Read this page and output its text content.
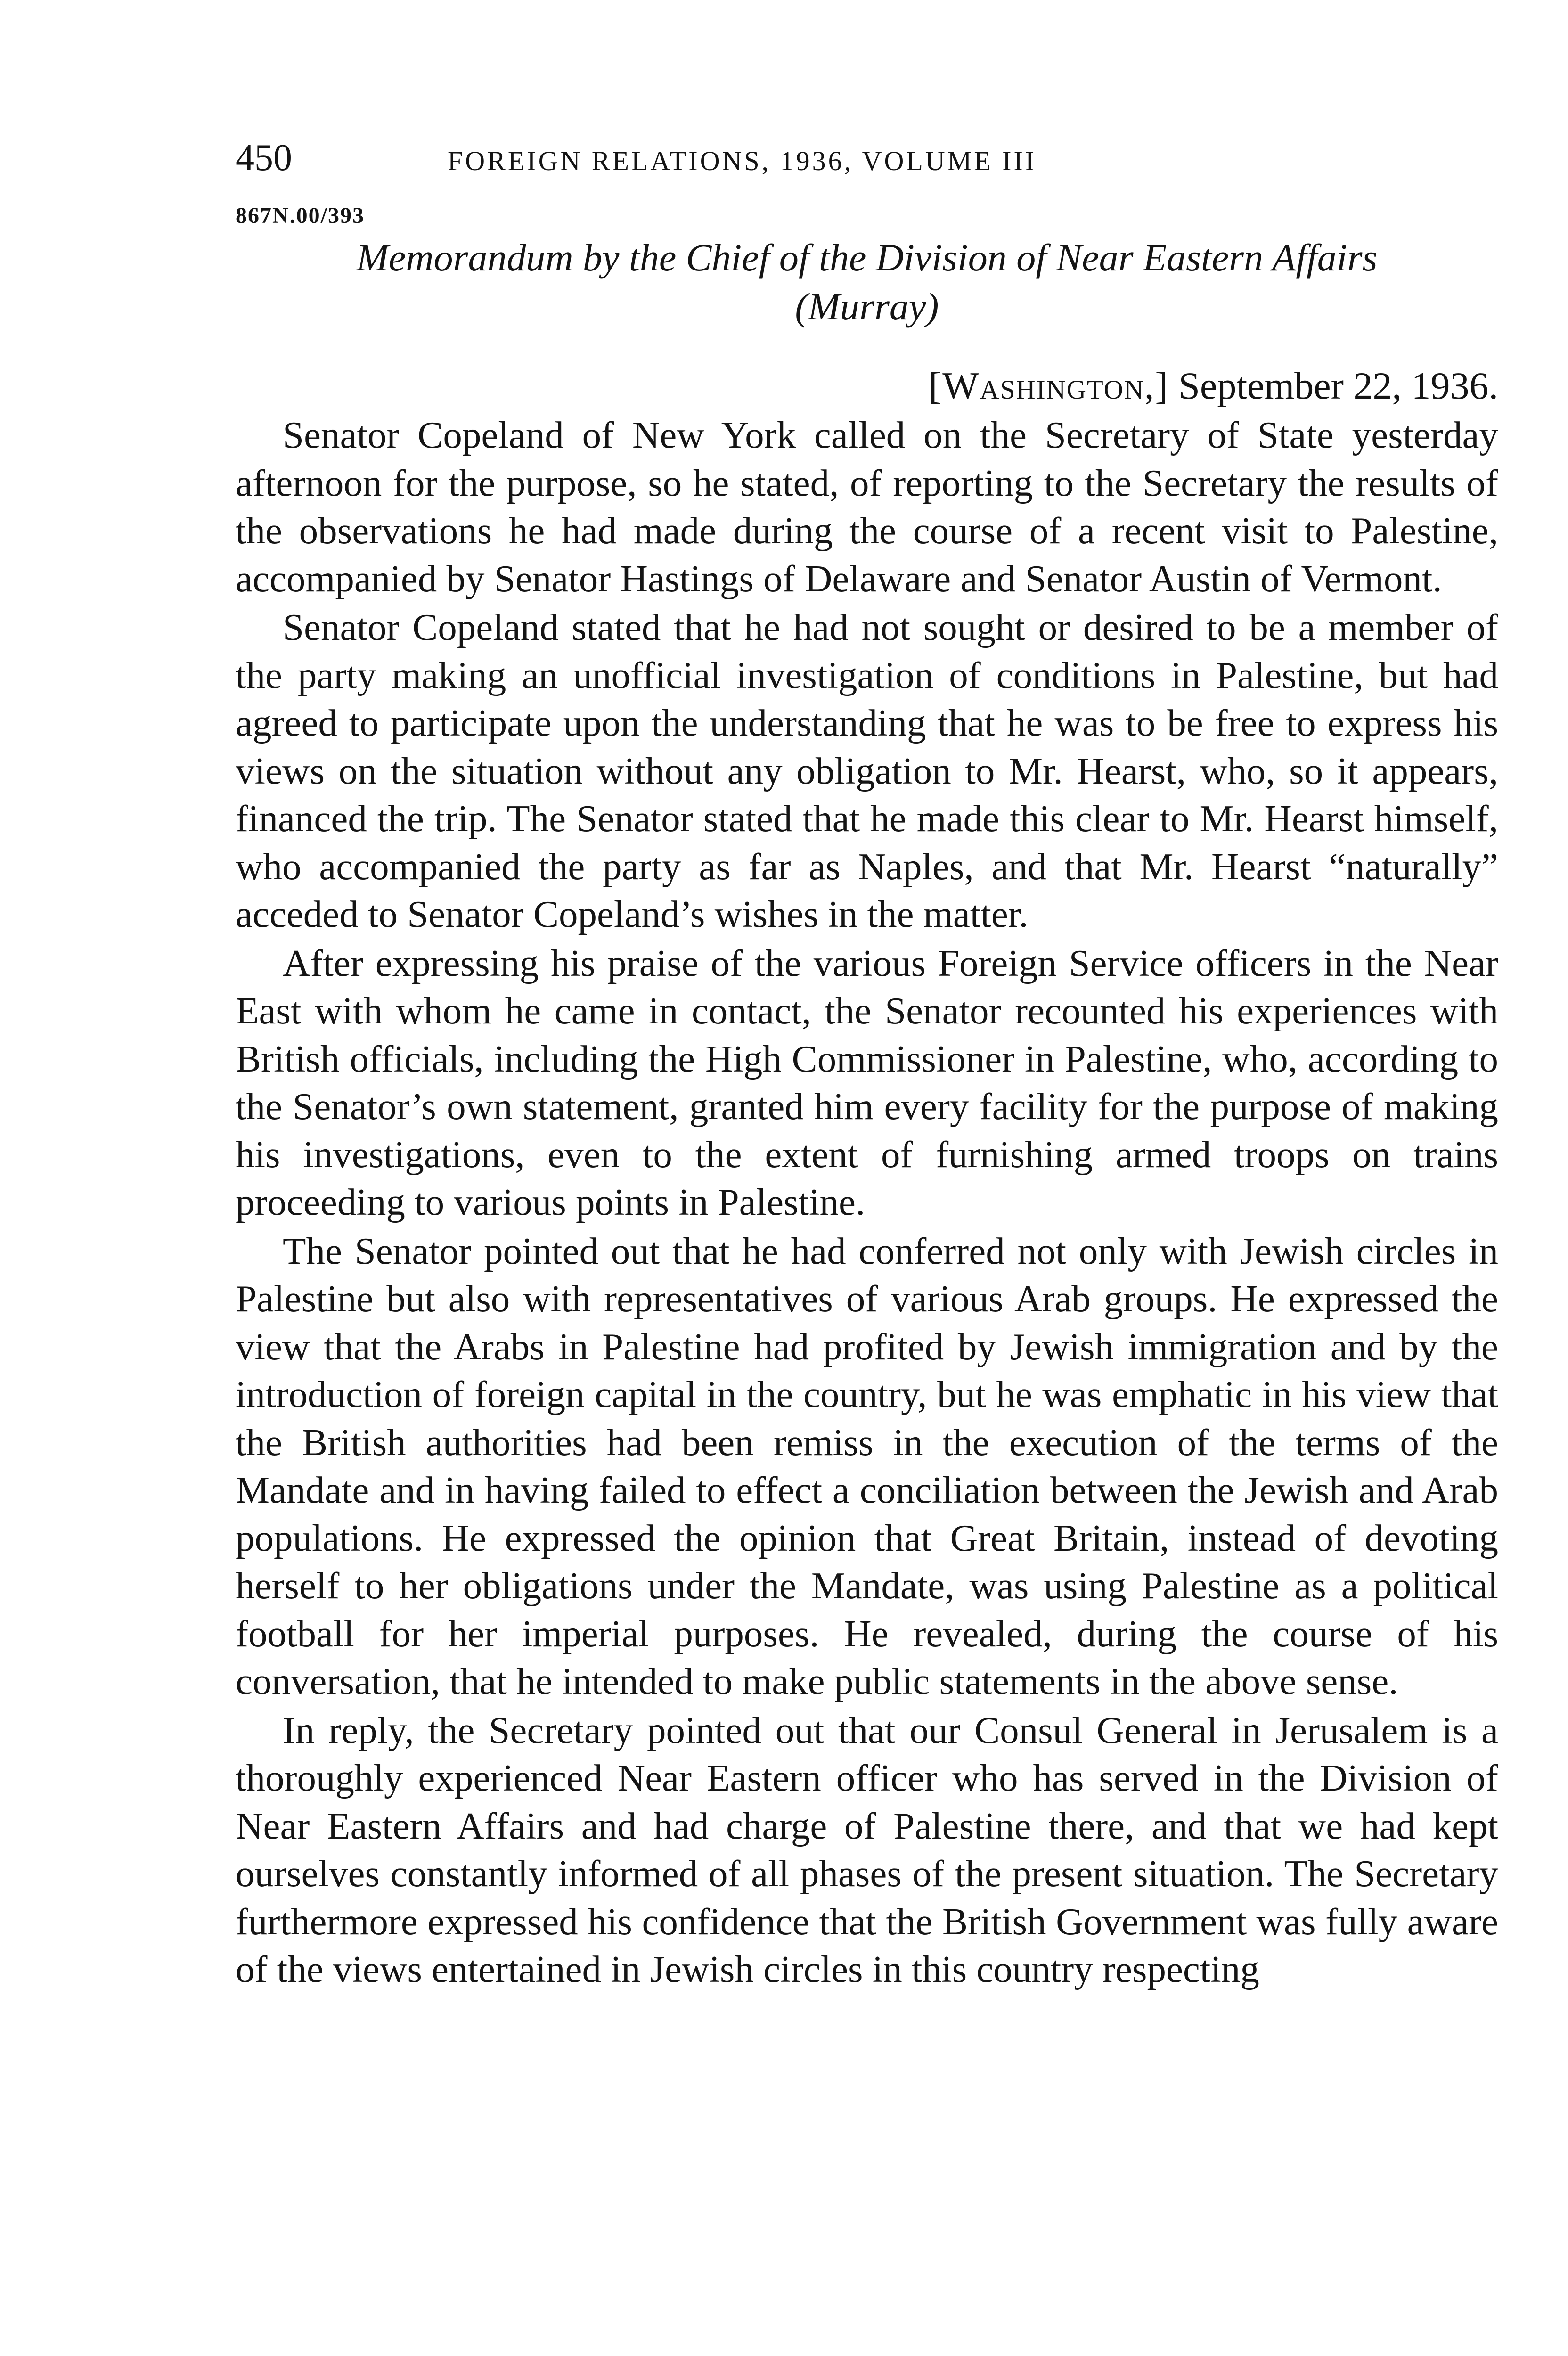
450	FOREIGN RELATIONS, 1936, VOLUME III
867N.00/393
Memorandum by the Chief of the Division of Near Eastern Affairs
(Murray)
[Washington,] September 22, 1936.

Senator Copeland of New York called on the Secretary of State yesterday afternoon for the purpose, so he stated, of reporting to the Secretary the results of the observations he had made during the course of a recent visit to Palestine, accompanied by Senator Hastings of Delaware and Senator Austin of Vermont.

Senator Copeland stated that he had not sought or desired to be a member of the party making an unofficial investigation of conditions in Palestine, but had agreed to participate upon the understanding that he was to be free to express his views on the situation without any obligation to Mr. Hearst, who, so it appears, financed the trip. The Senator stated that he made this clear to Mr. Hearst himself, who accompanied the party as far as Naples, and that Mr. Hearst “naturally” acceded to Senator Copeland’s wishes in the matter.

After expressing his praise of the various Foreign Service officers in the Near East with whom he came in contact, the Senator recounted his experiences with British officials, including the High Commissioner in Palestine, who, according to the Senator’s own statement, granted him every facility for the purpose of making his investigations, even to the extent of furnishing armed troops on trains proceeding to various points in Palestine.

The Senator pointed out that he had conferred not only with Jewish circles in Palestine but also with representatives of various Arab groups. He expressed the view that the Arabs in Palestine had profited by Jewish immigration and by the introduction of foreign capital in the country, but he was emphatic in his view that the British authorities had been remiss in the execution of the terms of the Mandate and in having failed to effect a conciliation between the Jewish and Arab populations. He expressed the opinion that Great Britain, instead of devoting herself to her obligations under the Mandate, was using Palestine as a political football for her imperial purposes. He revealed, during the course of his conversation, that he intended to make public statements in the above sense.

In reply, the Secretary pointed out that our Consul General in Jerusalem is a thoroughly experienced Near Eastern officer who has served in the Division of Near Eastern Affairs and had charge of Palestine there, and that we had kept ourselves constantly informed of all phases of the present situation. The Secretary furthermore expressed his confidence that the British Government was fully aware of the views entertained in Jewish circles in this country respecting
